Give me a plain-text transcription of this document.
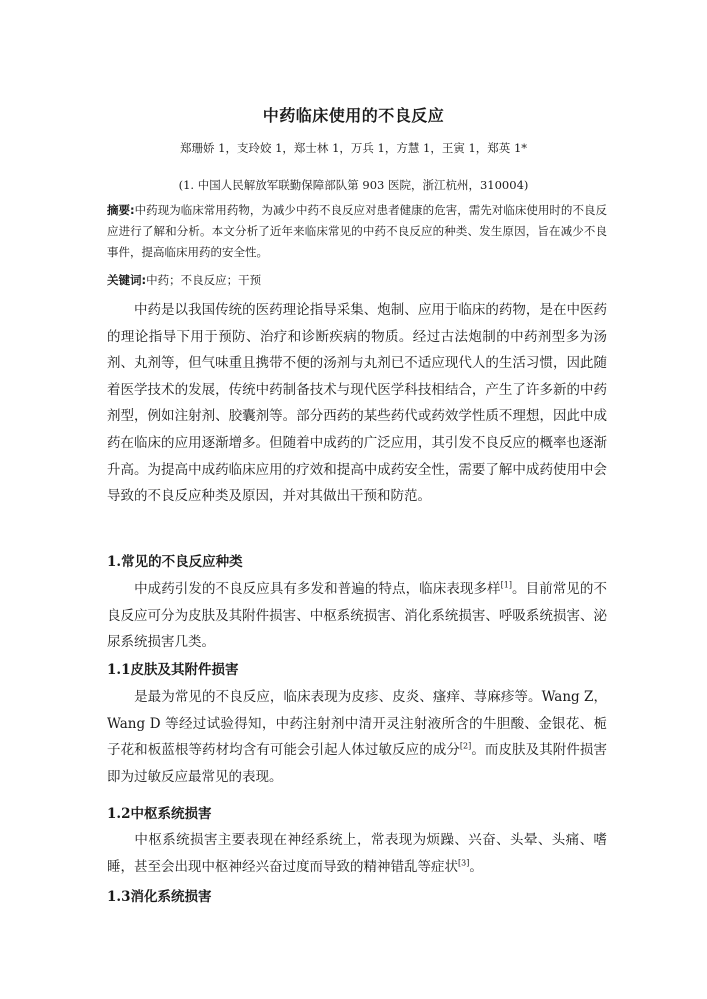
中药临床使用的不良反应
郑珊娇 1，支玲姣 1，郑士林 1，万兵 1，方慧 1，王寅 1，郑英 1*
(1. 中国人民解放军联勤保障部队第 903 医院，浙江杭州，310004)
摘要:中药现为临床常用药物，为减少中药不良反应对患者健康的危害，需先对临床使用时的不良反应进行了解和分析。本文分析了近年来临床常见的中药不良反应的种类、发生原因，旨在减少不良事件，提高临床用药的安全性。
关键词:中药；不良反应；干预
中药是以我国传统的医药理论指导采集、炮制、应用于临床的药物，是在中医药的理论指导下用于预防、治疗和诊断疾病的物质。经过古法炮制的中药剂型多为汤剂、丸剂等，但气味重且携带不便的汤剂与丸剂已不适应现代人的生活习惯，因此随着医学技术的发展，传统中药制备技术与现代医学科技相结合，产生了许多新的中药剂型，例如注射剂、胶囊剂等。部分西药的某些药代或药效学性质不理想，因此中成药在临床的应用逐渐增多。但随着中成药的广泛应用，其引发不良反应的概率也逐渐升高。为提高中成药临床应用的疗效和提高中成药安全性，需要了解中成药使用中会导致的不良反应种类及原因，并对其做出干预和防范。
1.常见的不良反应种类
中成药引发的不良反应具有多发和普遍的特点，临床表现多样[1]。目前常见的不良反应可分为皮肤及其附件损害、中枢系统损害、消化系统损害、呼吸系统损害、泌尿系统损害几类。
1.1皮肤及其附件损害
是最为常见的不良反应，临床表现为皮疹、皮炎、瘙痒、荨麻疹等。Wang Z，Wang D 等经过试验得知，中药注射剂中清开灵注射液所含的牛胆酸、金银花、栀子花和板蓝根等药材均含有可能会引起人体过敏反应的成分[2]。而皮肤及其附件损害即为过敏反应最常见的表现。
1.2中枢系统损害
中枢系统损害主要表现在神经系统上，常表现为烦躁、兴奋、头晕、头痛、嗜睡，甚至会出现中枢神经兴奋过度而导致的精神错乱等症状[3]。
1.3消化系统损害
